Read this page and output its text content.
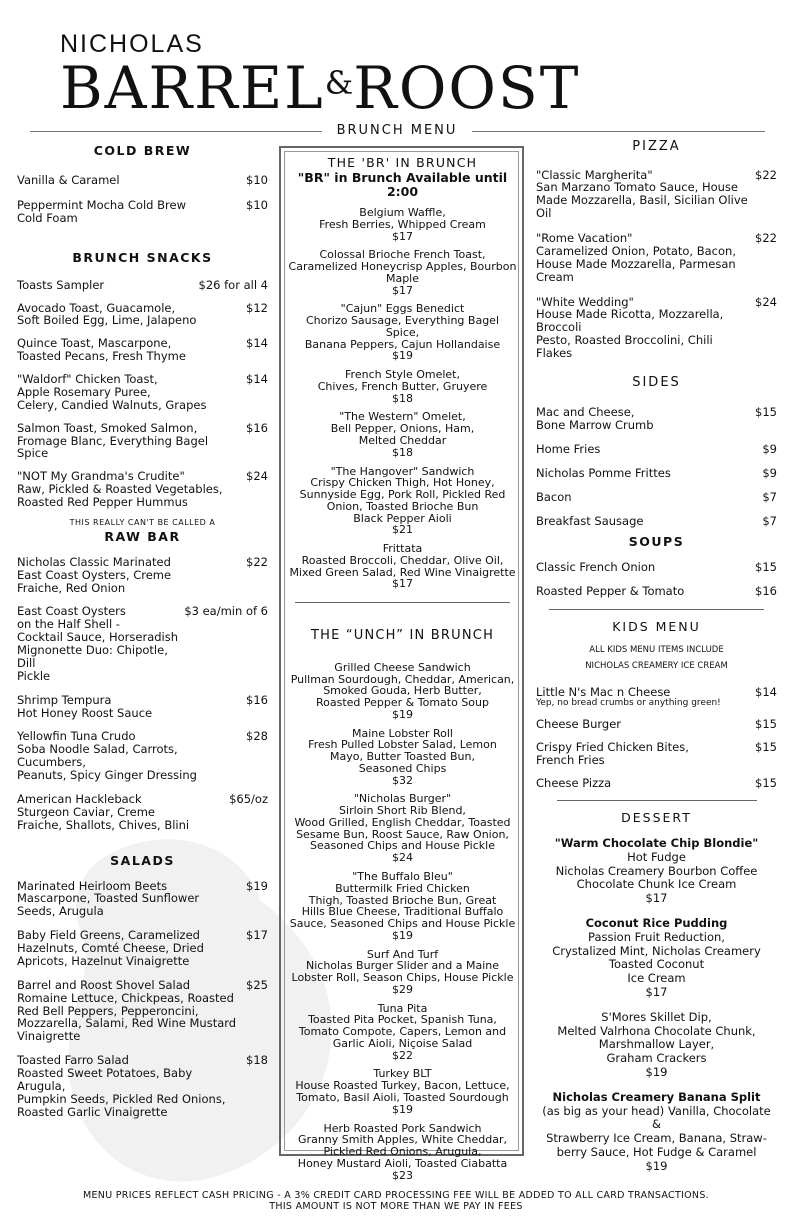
NICHOLAS
BARREL&ROOST
BRUNCH MENU
COLD BREW
Vanilla & Caramel	$10
Peppermint Mocha Cold Brew
Cold Foam
$10
BRUNCH SNACKS
Toasts Sampler	$26 for all 4
Avocado Toast, Guacamole,
Soft Boiled Egg, Lime, Jalapeno
$12
Quince Toast, Mascarpone,
Toasted Pecans, Fresh Thyme
$14
"Waldorf" Chicken Toast,
Apple Rosemary Puree,
Celery, Candied Walnuts, Grapes
$14
Salmon Toast, Smoked Salmon,
Fromage Blanc, Everything Bagel
Spice
$16
"NOT My Grandma's Crudite"
Raw, Pickled & Roasted Vegetables,
Roasted Red Pepper Hummus
$24
THIS REALLY CAN'T BE CALLED A
RAW BAR
Nicholas Classic Marinated
East Coast Oysters, Creme
Fraiche, Red Onion
$22
East Coast Oysters
on the Half Shell -
Cocktail Sauce, Horseradish
Mignonette Duo: Chipotle, Dill
Pickle
$3 ea/min of 6
Shrimp Tempura
Hot Honey Roost Sauce
$16
Yellowfin Tuna Crudo
Soba Noodle Salad, Carrots, Cucumbers,
Peanuts, Spicy Ginger Dressing
$28
American Hackleback
Sturgeon Caviar, Creme
Fraiche, Shallots, Chives, Blini
$65/oz
SALADS
Marinated Heirloom Beets
Mascarpone, Toasted Sunflower
Seeds, Arugula
$19
Baby Field Greens, Caramelized
Hazelnuts, Comté Cheese, Dried
Apricots, Hazelnut Vinaigrette
$17
Barrel and Roost Shovel Salad
Romaine Lettuce, Chickpeas, Roasted
Red Bell Peppers, Pepperoncini,
Mozzarella, Salami, Red Wine Mustard
Vinaigrette
$25
Toasted Farro Salad
Roasted Sweet Potatoes, Baby Arugula,
Pumpkin Seeds, Pickled Red Onions,
Roasted Garlic Vinaigrette
$18
THE 'BR' IN BRUNCH
"BR" in Brunch Available until 2:00
Belgium Waffle,
Fresh Berries, Whipped Cream
$17
Colossal Brioche French Toast,
Caramelized Honeycrisp Apples, Bourbon
Maple
$17
"Cajun" Eggs Benedict
Chorizo Sausage, Everything Bagel Spice,
Banana Peppers, Cajun Hollandaise
$19
French Style Omelet,
Chives, French Butter, Gruyere
$18
"The Western" Omelet,
Bell Pepper, Onions, Ham,
Melted Cheddar
$18
"The Hangover" Sandwich
Crispy Chicken Thigh, Hot Honey,
Sunnyside Egg, Pork Roll, Pickled Red
Onion, Toasted Brioche Bun
Black Pepper Aioli
$21
Frittata
Roasted Broccoli, Cheddar, Olive Oil,
Mixed Green Salad, Red Wine Vinaigrette
$17
THE “UNCH” IN BRUNCH
Grilled Cheese Sandwich
Pullman Sourdough, Cheddar, American,
Smoked Gouda, Herb Butter,
Roasted Pepper & Tomato Soup
$19
Maine Lobster Roll
Fresh Pulled Lobster Salad, Lemon
Mayo, Butter Toasted Bun,
Seasoned Chips
$32
"Nicholas Burger"
Sirloin Short Rib Blend,
Wood Grilled, English Cheddar, Toasted
Sesame Bun, Roost Sauce, Raw Onion,
Seasoned Chips and House Pickle
$24
"The Buffalo Bleu"
Buttermilk Fried Chicken
Thigh, Toasted Brioche Bun, Great
Hills Blue Cheese, Traditional Buffalo
Sauce, Seasoned Chips and House Pickle
$19
Surf And Turf
Nicholas Burger Slider and a Maine
Lobster Roll, Season Chips, House Pickle
$29
Tuna Pita
Toasted Pita Pocket, Spanish Tuna,
Tomato Compote, Capers, Lemon and
Garlic Aioli, Niçoise Salad
$22
Turkey BLT
House Roasted Turkey, Bacon, Lettuce,
Tomato, Basil Aioli, Toasted Sourdough
$19
Herb Roasted Pork Sandwich
Granny Smith Apples, White Cheddar,
Pickled Red Onions, Arugula,
Honey Mustard Aioli, Toasted Ciabatta
$23
PIZZA
"Classic Margherita"
San Marzano Tomato Sauce, House
Made Mozzarella, Basil, Sicilian Olive Oil
$22
"Rome Vacation"
Caramelized Onion, Potato, Bacon,
House Made Mozzarella, Parmesan
Cream
$22
"White Wedding"
House Made Ricotta, Mozzarella, Broccoli
Pesto, Roasted Broccolini, Chili Flakes
$24
SIDES
Mac and Cheese,
Bone Marrow Crumb
$15
Home Fries	$9
Nicholas Pomme Frittes	$9
Bacon	$7
Breakfast Sausage	$7
SOUPS
Classic French Onion	$15
Roasted Pepper & Tomato	$16
KIDS MENU
ALL KIDS MENU ITEMS INCLUDE
NICHOLAS CREAMERY ICE CREAM
Little N's Mac n Cheese
Yep, no bread crumbs or anything green!
$14
Cheese Burger	$15
Crispy Fried Chicken Bites,
French Fries
$15
Cheese Pizza	$15
DESSERT
"Warm Chocolate Chip Blondie"
Hot Fudge
Nicholas Creamery Bourbon Coffee
Chocolate Chunk Ice Cream
$17
Coconut Rice Pudding
Passion Fruit Reduction,
Crystalized Mint, Nicholas Creamery
Toasted Coconut
Ice Cream
$17
S'Mores Skillet Dip,
Melted Valrhona Chocolate Chunk,
Marshmallow Layer,
Graham Crackers
$19
Nicholas Creamery Banana Split
(as big as your head) Vanilla, Chocolate &
Strawberry Ice Cream, Banana, Straw-
berry Sauce, Hot Fudge & Caramel
$19
MENU PRICES REFLECT CASH PRICING - A 3% CREDIT CARD PROCESSING FEE WILL BE ADDED TO ALL CARD TRANSACTIONS.
THIS AMOUNT IS NOT MORE THAN WE PAY IN FEES
